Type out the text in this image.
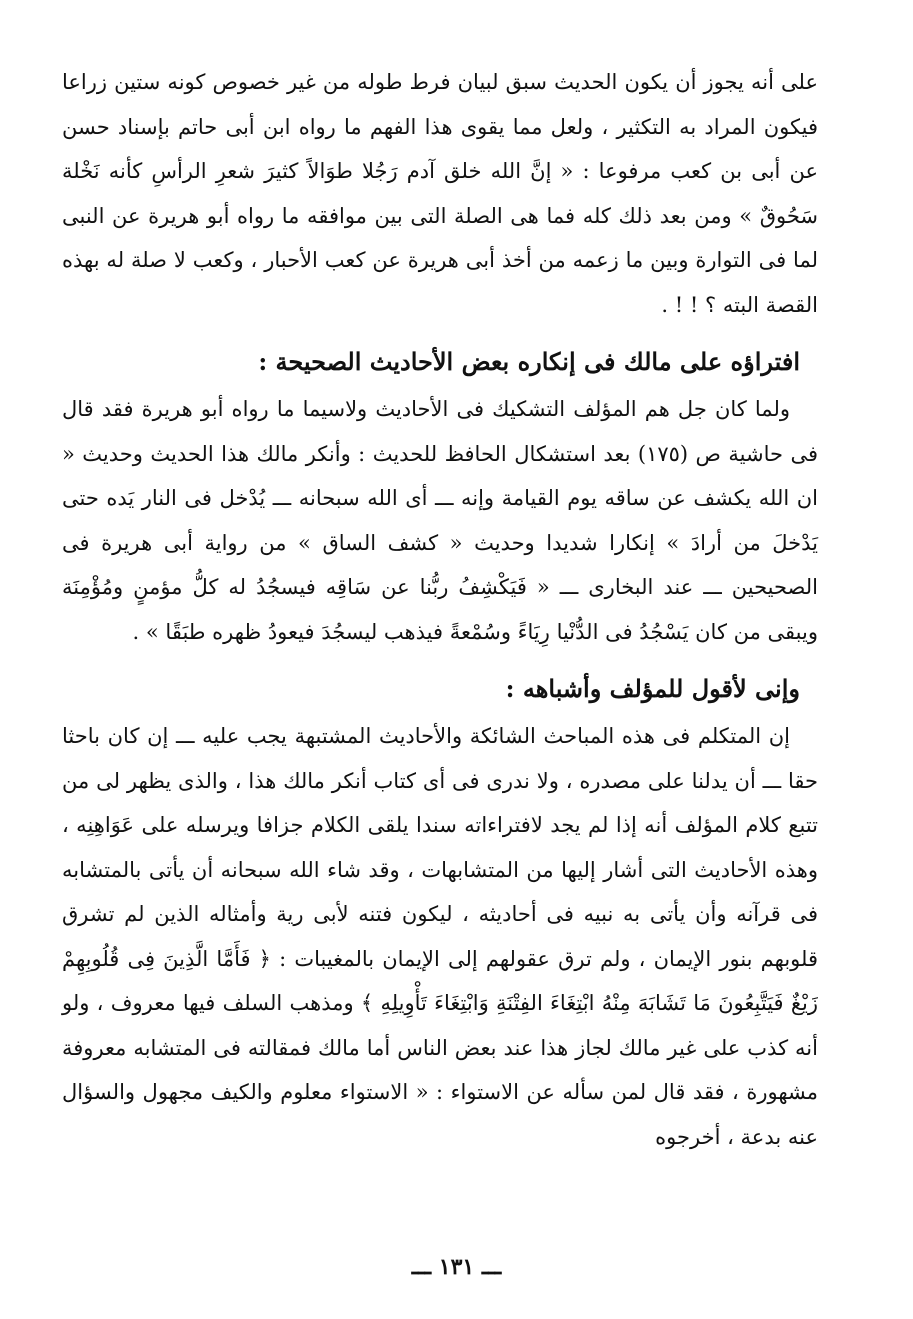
على أنه يجوز أن يكون الحديث سبق لبيان فرط طوله من غير خصوص كونه ستين زراعا فيكون المراد به التكثير ، ولعل مما يقوى هذا الفهم ما رواه ابن أبى حاتم بإسناد حسن عن أبى بن كعب مرفوعا : « إنَّ الله خلق آدم رَجُلا طوَالاً كثيرَ شعرِ الرأسِ كأنه نَخْلة سَحُوقٌ » ومن بعد ذلك كله فما هى الصلة التى بين موافقه ما رواه أبو هريرة عن النبى لما فى التوارة وبين ما زعمه من أخذ أبى هريرة عن كعب الأحبار ، وكعب لا صلة له بهذه القصة البته ؟ ! ! .

افتراؤه على مالك فى إنكاره بعض الأحاديث الصحيحة :

ولما كان جل هم المؤلف التشكيك فى الأحاديث ولاسيما ما رواه أبو هريرة فقد قال فى حاشية ص (١٧٥) بعد استشكال الحافظ للحديث : وأنكر مالك هذا الحديث وحديث « ان الله يكشف عن ساقه يوم القيامة وإنه ـــ أى الله سبحانه ـــ يُدْخل فى النار يَده حتى يَدْخلَ من أرادَ » إنكارا شديدا وحديث « كشف الساق » من رواية أبى هريرة فى الصحيحين ـــ عند البخارى ـــ « فَيَكْشِفُ ربُّنا عن سَاقِه فيسجُدُ له كلُّ مؤمنٍ ومُؤْمِنَة ويبقى من كان يَسْجُدُ فى الدُّنْيا رِيَاءً وسُمْعةً فيذهب ليسجُدَ فيعودُ ظهره طبَقًا » .

وإنى لأقول للمؤلف وأشباهه :

إن المتكلم فى هذه المباحث الشائكة والأحاديث المشتبهة يجب عليه ـــ إن كان باحثا حقا ـــ أن يدلنا على مصدره ، ولا ندرى فى أى كتاب أنكر مالك هذا ، والذى يظهر لى من تتبع كلام المؤلف أنه إذا لم يجد لافتراءاته سندا يلقى الكلام جزافا ويرسله على عَوَاهِنِه ، وهذه الأحاديث التى أشار إليها من المتشابهات ، وقد شاء الله سبحانه أن يأتى بالمتشابه فى قرآنه وأن يأتى به نبيه فى أحاديثه ، ليكون فتنه لأبى رية وأمثاله الذين لم تشرق قلوبهم بنور الإيمان ، ولم ترق عقولهم إلى الإيمان بالمغيبات : ﴿ فَأَمَّا الَّذِينَ فِى قُلُوبِهِمْ زَيْغٌ فَيَتَّبِعُونَ مَا تَشَابَهَ مِنْهُ ابْتِغَاءَ الفِتْنَةِ وَابْتِغَاءَ تَأْوِيلِهِ ﴾ ومذهب السلف فيها معروف ، ولو أنه كذب على غير مالك لجاز هذا عند بعض الناس أما مالك فمقالته فى المتشابه معروفة مشهورة ، فقد قال لمن سأله عن الاستواء : « الاستواء معلوم والكيف مجهول والسؤال عنه بدعة ، أخرجوه

ـــ ١٣١ ـــ
